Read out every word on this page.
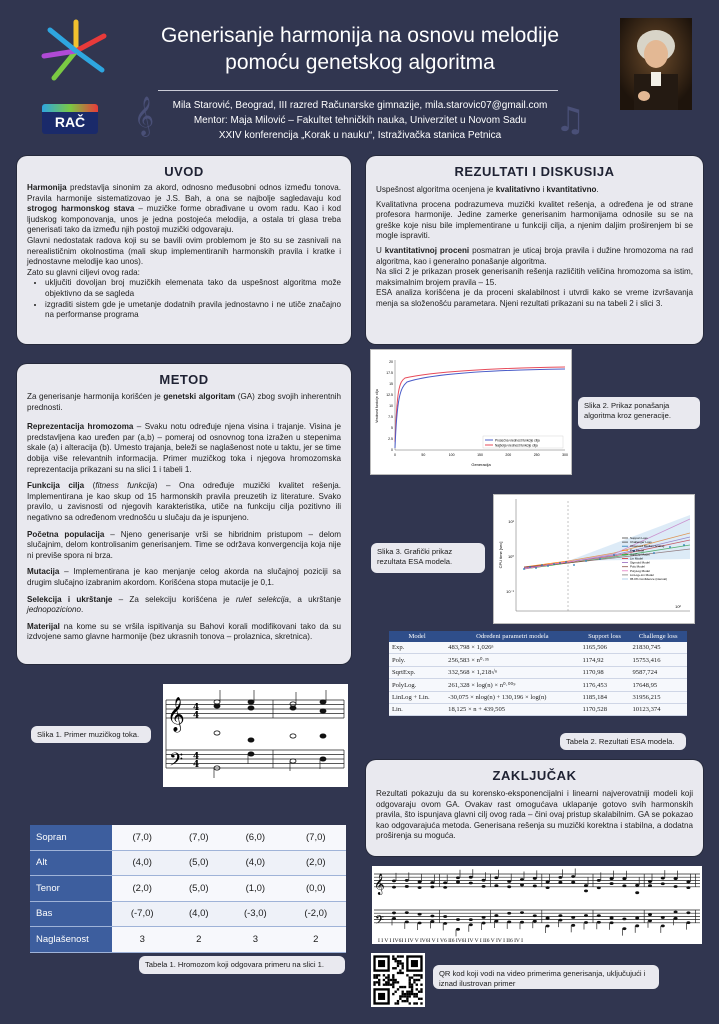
RAČ	𝄞	♫
Generisanje harmonija na osnovu melodije
pomoću genetskog algoritma
Mila Starović, Beograd, III razred Računarske gimnazije, mila.starovic07@gmail.com
Mentor: Maja Milović – Fakultet tehničkih nauka, Univerzitet u Novom Sadu
XXIV konferencija „Korak u nauku“, Istraživačka stanica Petnica
UVOD

Harmonija predstavlja sinonim za akord, odnosno međusobni odnos između tonova. Pravila harmonije sistematizovao je J.S. Bah, a ona se najbolje sagledavaju kod strogog harmonskog stava – muzičke forme obrađivane u ovom radu. Kao i kod ljudskog komponovanja, unos je jedna postojeća melodija, a ostala tri glasa treba generisati tako da između njih postoji muzički odgovaraju.

Glavni nedostatak radova koji su se bavili ovim problemom je što su se zasnivali na nerealističnim okolnostima (mali skup implementiranih harmonskih pravila i kratke i jednostavne melodije kao unos).

Zato su glavni ciljevi ovog rada:

• uključiti dovoljan broj muzičkih elemenata tako da uspešnost algoritma može objektivno da se sagleda
• izgraditi sistem gde je umetanje dodatnih pravila jednostavno i ne utiče značajno na performanse programa
REZULTATI I DISKUSIJA

Uspešnost algoritma ocenjena je kvalitativno i kvantitativno.

Kvalitativna procena podrazumeva muzički kvalitet rešenja, a određena je od strane profesora harmonije. Jedine zamerke generisanim harmonijama odnosile su se na greške koje nisu bile implementirane u funkciji cilja, a njenim daljim proširenjem bi se mogle ispraviti.

U kvantitativnoj proceni posmatran je uticaj broja pravila i dužine hromozoma na rad algoritma, kao i generalno ponašanje algoritma.

Na slici 2 je prikazan prosek generisanih rešenja različitih veličina hromozoma sa istim, maksimalnim brojem pravila – 15.

ESA analiza korišćena je da proceni skalabilnost i utvrdi kako se vreme izvršavanja menja sa složenošću parametara. Njeni rezultati prikazani su na tabeli 2 i slici 3.

METOD

Za generisanje harmonija korišćen je genetski algoritam (GA) zbog svojih inherentnih prednosti.

Reprezentacija hromozoma – Svaku notu određuje njena visina i trajanje. Visina je predstavljena kao uređen par (a,b) – pomeraj od osnovnog tona izražen u stepenima skale (a) i alteracija (b). Umesto trajanja, beleži se naglašenost note u taktu, jer se time dobija više relevantnih informacija. Primer muzičkog toka i njegova hromozomska reprezentacija prikazani su na slici 1 i tabeli 1.

Funkcija cilja (fitness funkcija) – Ona određuje muzički kvalitet rešenja. Implementirana je kao skup od 15 harmonskih pravila preuzetih iz literature. Svako pravilo, u zavisnosti od njegovih karakteristika, utiče na funkciju cilja pozitivno ili negativno sa određenom vrednošću u slučaju da je ispunjeno.

Početna populacija – Njeno generisanje vrši se hibridnim pristupom – delom slučajnim, delom kontrolisanim generisanjem. Time se održava konvergencija koja nije ni previše spora ni brza.

Mutacija – Implementirana je kao menjanje celog akorda na slučajnoj poziciji sa drugim slučajno izabranim akordom. Korišćena stopa mutacije je 0,1.

Selekcija i ukrštanje – Za selekciju korišćena je rulet selekcija, a ukrštanje jednopoziciono.

Materijal na kome su se vršila ispitivanja su Bahovi korali modifikovani tako da su izdvojene samo glavne harmonije (bez ukrasnih tonova – prolaznica, skretnica).

Vrednost funkcije cilja
Generacija
0
2.5
5
7.5
10
12.5
15
17.5
20
0	50	100	150	200	250	300
Prosečna vrednost funkcije cilja
Najbolja vrednost funkcije cilja
Slika 2. Prikaz ponašanja algoritma kroz generacije.
CPU time [sec]
10¹
10⁰
10⁻¹
10²
Support Loss
Challenger Loss
Observed Median Scaling
Exp Model
SqrtExp Model
Lin Model
Sigmoid Model
Poly Model
PolyLog Model
LinLog+Lin Model
95.0% Confidence (interval)
Slika 3. Grafički prikaz rezultata ESA modela.
Model	Određeni parametri modela	Support loss	Challenge loss
Exp.	483,798 × 1,026ⁿ	1165,506	21830,745
Poly.	256,583 × n⁰·³⁵	1174,92	15753,416
SqrtExp.	332,568 × 1,218√ⁿ	1170,98	9587,724
PolyLog.	261,328 × log(n) × n⁰·⁰⁰⁹	1176,453	17648,95
LinLog + Lin.	-30,075 × nlog(n) + 130,196 × log(n)	1185,184	31956,215
Lin.	18,125 × n + 439,505	1170,528	10123,374
Tabela 2. Rezultati ESA modela.
𝄞
𝄢
4
4
4
4
Slika 1. Primer muzičkog toka.
Sopran	(7,0)	(7,0)	(6,0)	(7,0)
Alt	(4,0)	(5,0)	(4,0)	(2,0)
Tenor	(2,0)	(5,0)	(1,0)	(0,0)
Bas	(-7,0)	(4,0)	(-3,0)	(-2,0)
Naglašenost	3	2	3	2
Tabela 1. Hromozom koji odgovara primeru na slici 1.
ZAKLJUČAK
Rezultati pokazuju da su korensko-eksponencijalni i linearni najverovatniji modeli koji odgovaraju ovom GA. Ovakav rast omogućava uklapanje gotovo svih harmonskih pravila, što ispunjava glavni cilj ovog rada – čini ovaj pristup skalabilnim. GA se pokazao kao odgovarajuća metoda. Generisana rešenja su muzički korektna i stabilna, a dodatna proširenja su moguća.
𝄞
𝄢
I I V I IV6I I IV V IV6I V I V6 II6 IV6I IV V I II6 V IV I II6 IV I
QR kod koji vodi na video primerima generisanja, uključujući i iznad ilustrovan primer
